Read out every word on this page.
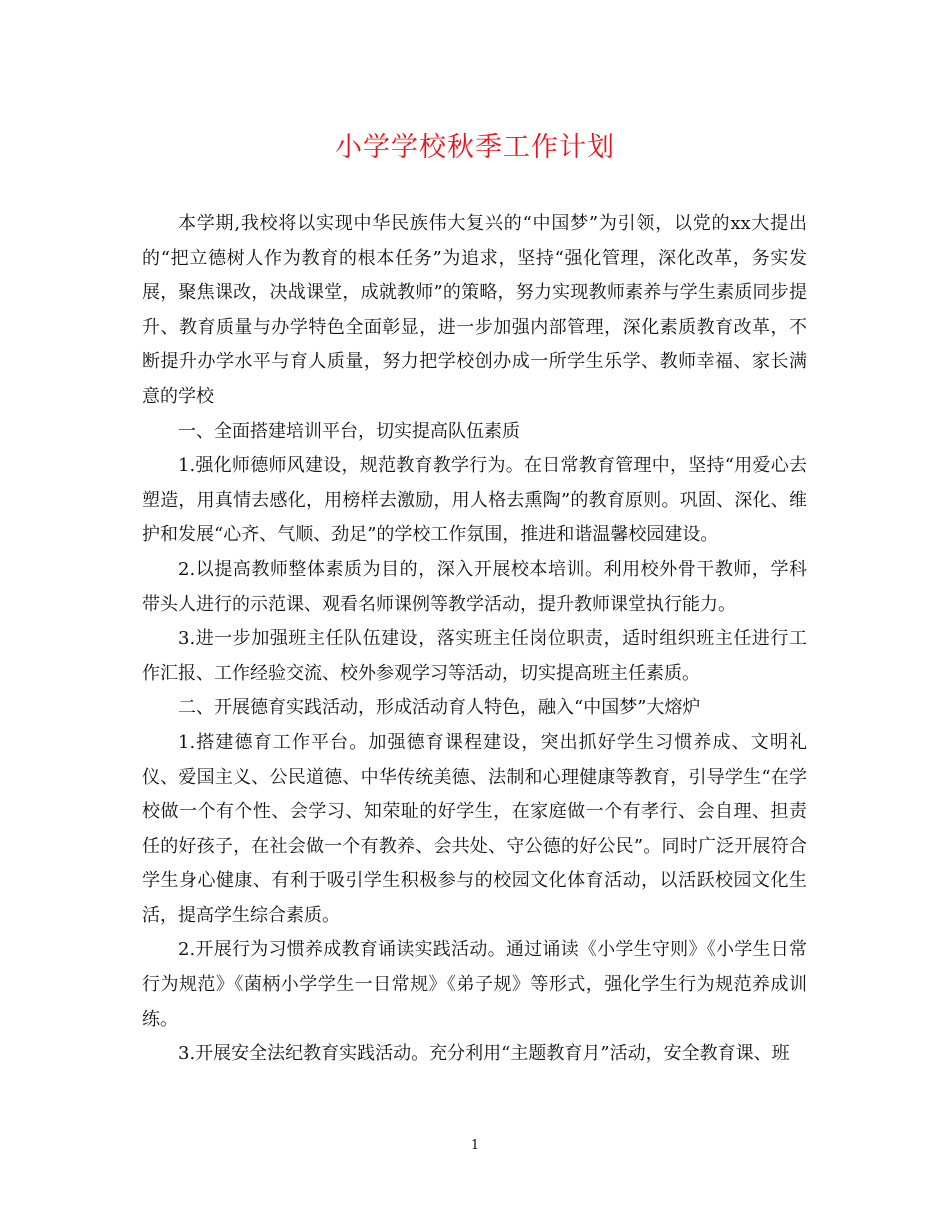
小学学校秋季工作计划

本学期,我校将以实现中华民族伟大复兴的“中国梦”为引领，以党的xx大提出的“把立德树人作为教育的根本任务”为追求，坚持“强化管理，深化改革，务实发展，聚焦课改，决战课堂，成就教师”的策略，努力实现教师素养与学生素质同步提升、教育质量与办学特色全面彰显，进一步加强内部管理，深化素质教育改革，不断提升办学水平与育人质量，努力把学校创办成一所学生乐学、教师幸福、家长满意的学校

一、全面搭建培训平台，切实提高队伍素质

1.强化师德师风建设，规范教育教学行为。在日常教育管理中，坚持“用爱心去塑造，用真情去感化，用榜样去激励，用人格去熏陶”的教育原则。巩固、深化、维护和发展“心齐、气顺、劲足”的学校工作氛围，推进和谐温馨校园建设。

2.以提高教师整体素质为目的，深入开展校本培训。利用校外骨干教师，学科带头人进行的示范课、观看名师课例等教学活动，提升教师课堂执行能力。

3.进一步加强班主任队伍建设，落实班主任岗位职责，适时组织班主任进行工作汇报、工作经验交流、校外参观学习等活动，切实提高班主任素质。

二、开展德育实践活动，形成活动育人特色，融入“中国梦”大熔炉

1.搭建德育工作平台。加强德育课程建设，突出抓好学生习惯养成、文明礼仪、爱国主义、公民道德、中华传统美德、法制和心理健康等教育，引导学生“在学校做一个有个性、会学习、知荣耻的好学生，在家庭做一个有孝行、会自理、担责任的好孩子，在社会做一个有教养、会共处、守公德的好公民”。同时广泛开展符合学生身心健康、有利于吸引学生积极参与的校园文化体育活动，以活跃校园文化生活，提高学生综合素质。

2.开展行为习惯养成教育诵读实践活动。通过诵读《小学生守则》《小学生日常行为规范》《菌柄小学学生一日常规》《弟子规》等形式，强化学生行为规范养成训练。

3.开展安全法纪教育实践活动。充分利用“主题教育月”活动，安全教育课、班

1
